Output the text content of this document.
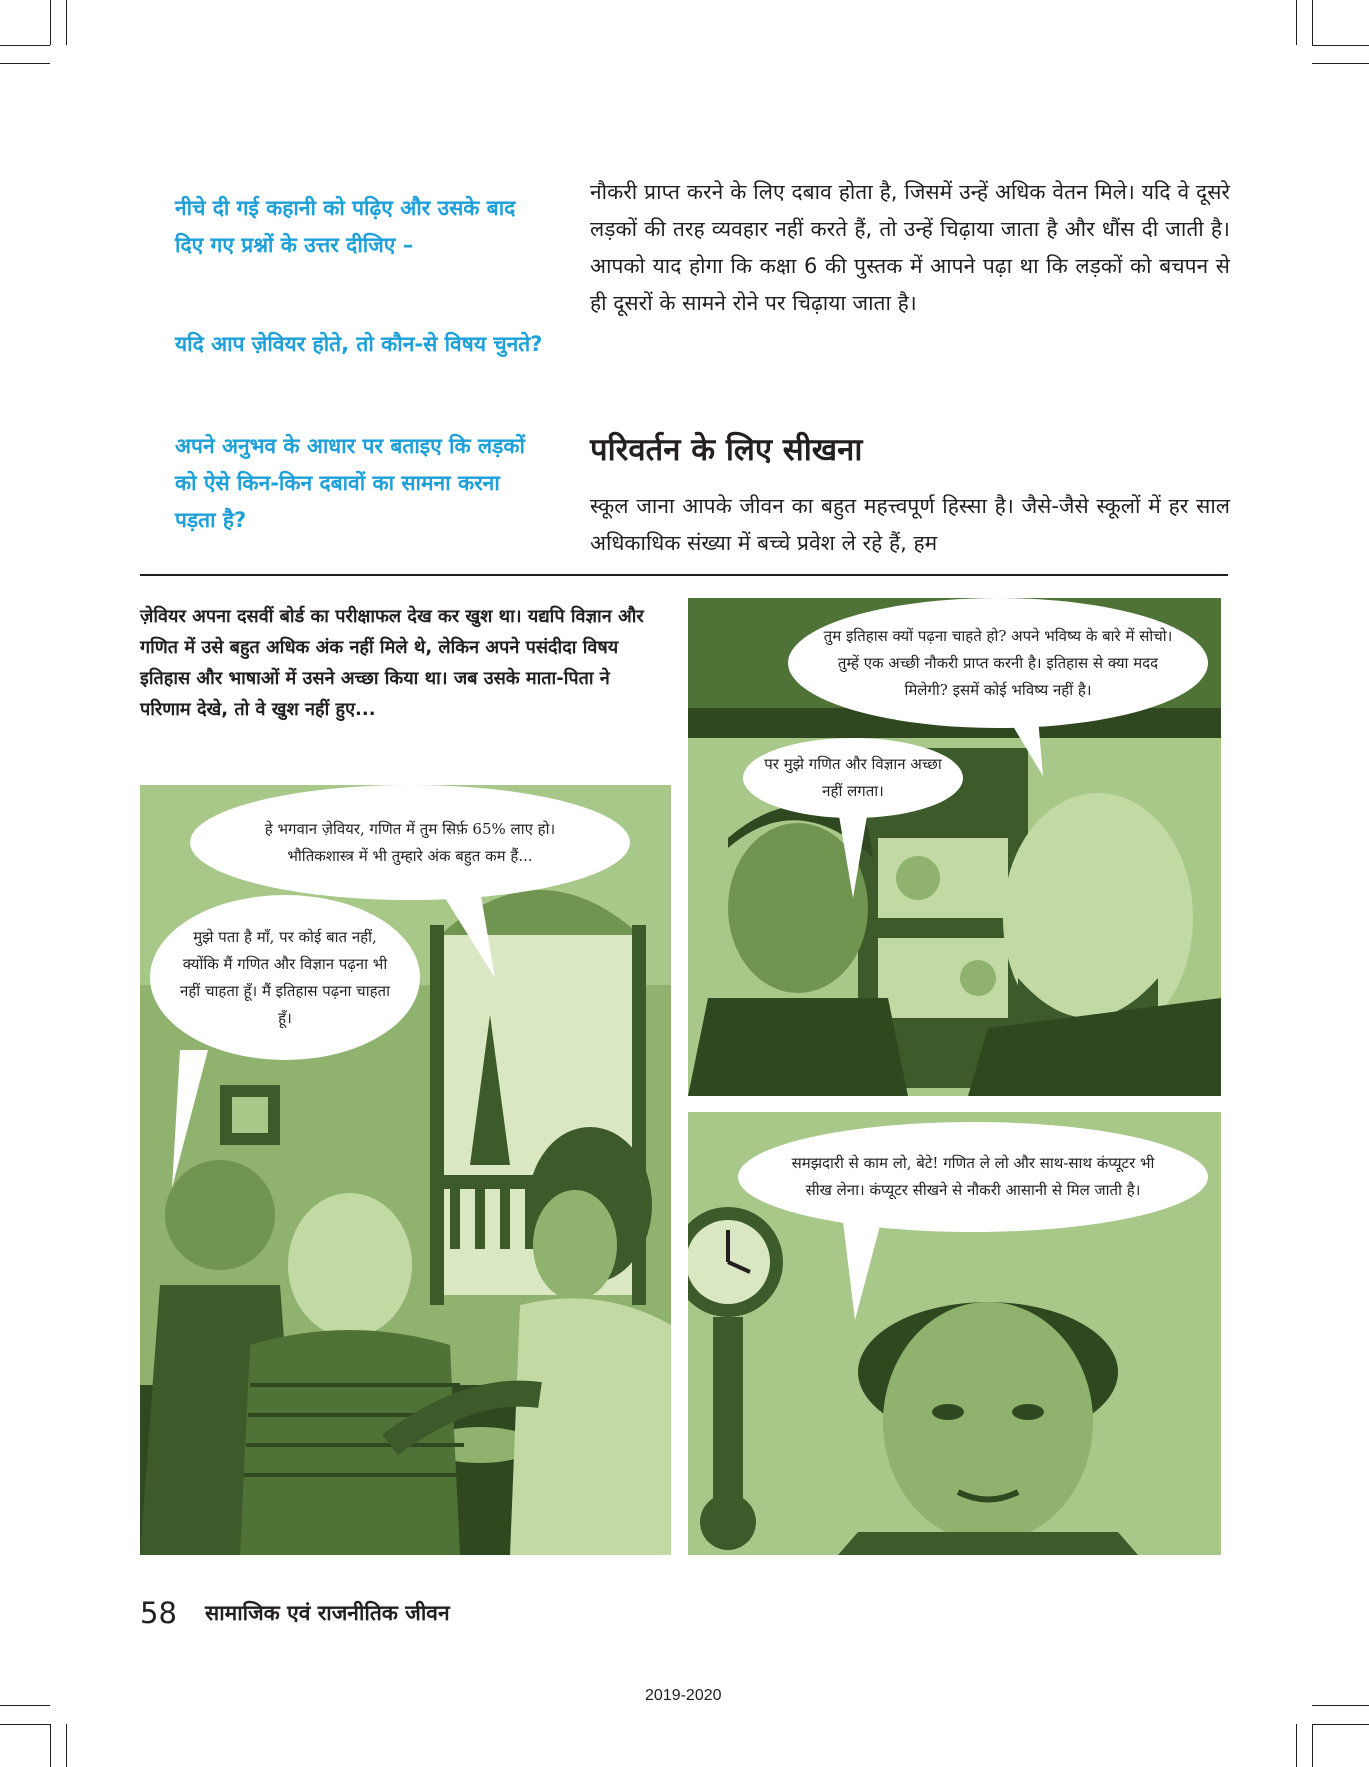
नीचे दी गई कहानी को पढ़िए और उसके बाद दिए गए प्रश्नों के उत्तर दीजिए –

यदि आप ज़ेवियर होते, तो कौन-से विषय चुनते?

अपने अनुभव के आधार पर बताइए कि लड़कों को ऐसे किन-किन दबावों का सामना करना पड़ता है?

नौकरी प्राप्त करने के लिए दबाव होता है, जिसमें उन्हें अधिक वेतन मिले। यदि वे दूसरे लड़कों की तरह व्यवहार नहीं करते हैं, तो उन्हें चिढ़ाया जाता है और धौंस दी जाती है। आपको याद होगा कि कक्षा 6 की पुस्तक में आपने पढ़ा था कि लड़कों को बचपन से ही दूसरों के सामने रोने पर चिढ़ाया जाता है।

परिवर्तन के लिए सीखना

स्कूल जाना आपके जीवन का बहुत महत्त्वपूर्ण हिस्सा है। जैसे-जैसे स्कूलों में हर साल अधिकाधिक संख्या में बच्चे प्रवेश ले रहे हैं, हम

ज़ेवियर अपना दसवीं बोर्ड का परीक्षाफल देख कर खुश था। यद्यपि विज्ञान और गणित में उसे बहुत अधिक अंक नहीं मिले थे, लेकिन अपने पसंदीदा विषय इतिहास और भाषाओं में उसने अच्छा किया था। जब उसके माता-पिता ने परिणाम देखे, तो वे खुश नहीं हुए...

हे भगवान ज़ेवियर, गणित में तुम सिर्फ़ 65% लाए हो। भौतिकशास्त्र में भी तुम्हारे अंक बहुत कम हैं...

मुझे पता है माँ, पर कोई बात नहीं, क्योंकि मैं गणित और विज्ञान पढ़ना भी नहीं चाहता हूँ। मैं इतिहास पढ़ना चाहता हूँ।

तुम इतिहास क्यों पढ़ना चाहते हो? अपने भविष्य के बारे में सोचो। तुम्हें एक अच्छी नौकरी प्राप्त करनी है। इतिहास से क्या मदद मिलेगी? इसमें कोई भविष्य नहीं है।

पर मुझे गणित और विज्ञान अच्छा नहीं लगता।

समझदारी से काम लो, बेटे! गणित ले लो और साथ-साथ कंप्यूटर भी सीख लेना। कंप्यूटर सीखने से नौकरी आसानी से मिल जाती है।

58 सामाजिक एवं राजनीतिक जीवन

2019-2020
